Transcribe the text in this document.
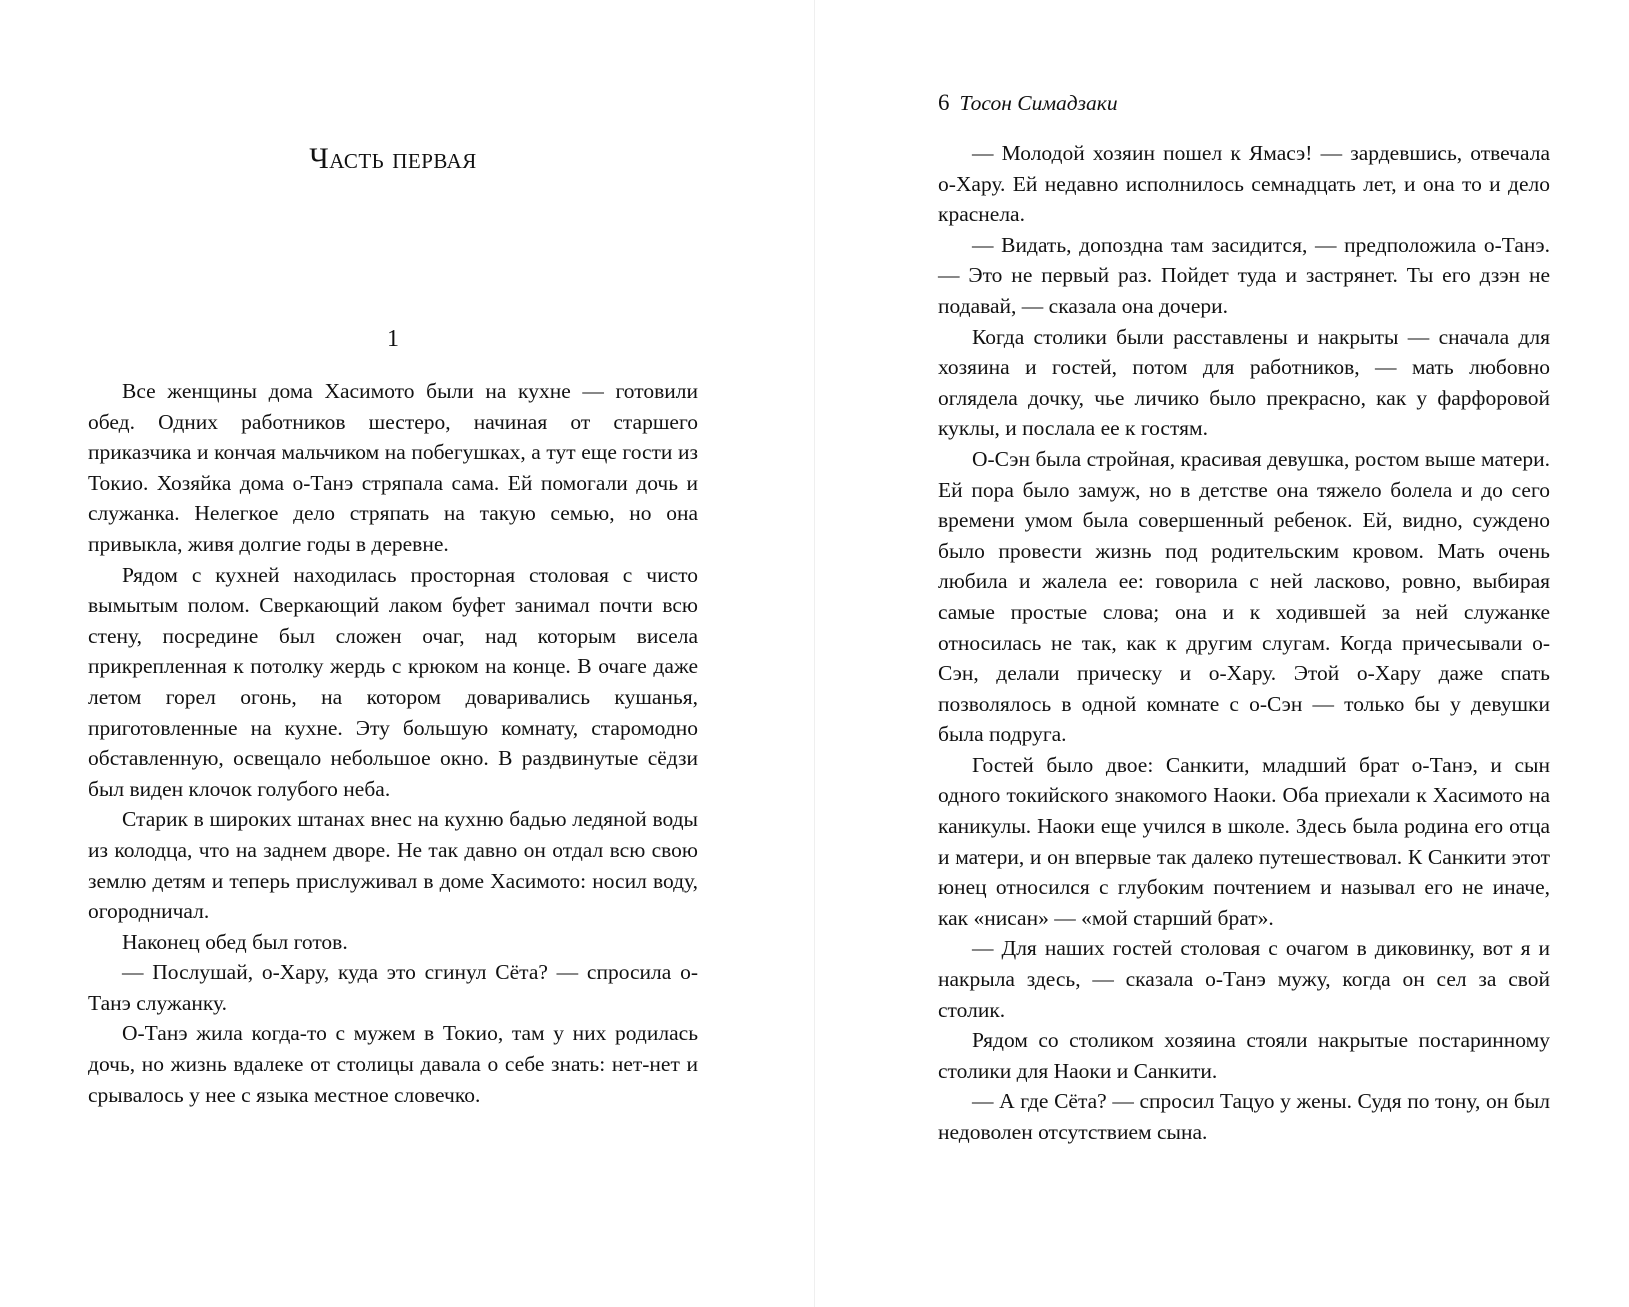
Часть первая
1

Все женщины дома Хасимото были на кухне — готовили обед. Одних работников шестеро, начиная от старшего приказчика и кончая мальчиком на побегушках, а тут еще гости из Токио. Хозяйка дома о-Танэ стряпала сама. Ей помогали дочь и служанка. Нелегкое дело стряпать на такую семью, но она привыкла, живя долгие годы в деревне.

Рядом с кухней находилась просторная столовая с чисто вымытым полом. Сверкающий лаком буфет занимал почти всю стену, посредине был сложен очаг, над которым висела прикрепленная к потолку жердь с крюком на конце. В очаге даже летом горел огонь, на котором доваривались кушанья, приготовленные на кухне. Эту большую комнату, старомодно обставленную, освещало небольшое окно. В раздвинутые сёдзи был виден клочок голубого неба.

Старик в широких штанах внес на кухню бадью ледяной воды из колодца, что на заднем дворе. Не так давно он отдал всю свою землю детям и теперь прислуживал в доме Хасимото: носил воду, огородничал.

Наконец обед был готов.

— Послушай, о-Хару, куда это сгинул Сёта? — спросила о-Танэ служанку.

О-Танэ жила когда-то с мужем в Токио, там у них родилась дочь, но жизнь вдалеке от столицы давала о себе знать: нет-нет и срывалось у нее с языка местное словечко.

6 Тосон Симадзаки

— Молодой хозяин пошел к Ямасэ! — зардевшись, отвечала о-Хару. Ей недавно исполнилось семнадцать лет, и она то и дело краснела.

— Видать, допоздна там засидится, — предположила о-Танэ. — Это не первый раз. Пойдет туда и застрянет. Ты его дзэн не подавай, — сказала она дочери.

Когда столики были расставлены и накрыты — сначала для хозяина и гостей, потом для работников, — мать любовно оглядела дочку, чье личико было прекрасно, как у фарфоровой куклы, и послала ее к гостям.

О-Сэн была стройная, красивая девушка, ростом выше матери. Ей пора было замуж, но в детстве она тяжело болела и до сего времени умом была совершенный ребенок. Ей, видно, суждено было провести жизнь под родительским кровом. Мать очень любила и жалела ее: говорила с ней ласково, ровно, выбирая самые простые слова; она и к ходившей за ней служанке относилась не так, как к другим слугам. Когда причесывали о-Сэн, делали прическу и о-Хару. Этой о-Хару даже спать позволялось в одной комнате с о-Сэн — только бы у девушки была подруга.

Гостей было двое: Санкити, младший брат о-Танэ, и сын одного токийского знакомого Наоки. Оба приехали к Хасимото на каникулы. Наоки еще учился в школе. Здесь была родина его отца и матери, и он впервые так далеко путешествовал. К Санкити этот юнец относился с глубоким почтением и называл его не иначе, как «нисан» — «мой старший брат».

— Для наших гостей столовая с очагом в диковинку, вот я и накрыла здесь, — сказала о-Танэ мужу, когда он сел за свой столик.

Рядом со столиком хозяина стояли накрытые постаринному столики для Наоки и Санкити.

— А где Сёта? — спросил Тацуо у жены. Судя по тону, он был недоволен отсутствием сына.
